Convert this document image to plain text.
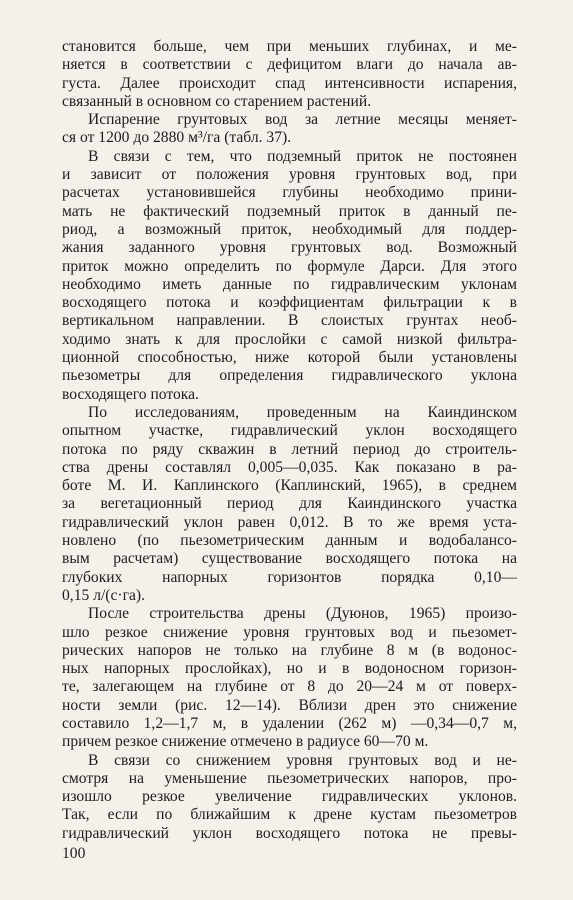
становится больше, чем при меньших глубинах, и ме-
няется в соответствии с дефицитом влаги до начала ав-
густа. Далее происходит спад интенсивности испарения,
связанный в основном со старением растений.
Испарение грунтовых вод за летние месяцы меняет-
ся от 1200 до 2880 м³/га (табл. 37).
В связи с тем, что подземный приток не постоянен
и зависит от положения уровня грунтовых вод, при
расчетах установившейся глубины необходимо прини-
мать не фактический подземный приток в данный пе-
риод, а возможный приток, необходимый для поддер-
жания заданного уровня грунтовых вод. Возможный
приток можно определить по формуле Дарси. Для этого
необходимо иметь данные по гидравлическим уклонам
восходящего потока и коэффициентам фильтрации к в
вертикальном направлении. В слоистых грунтах необ-
ходимо знать к для прослойки с самой низкой фильтра-
ционной способностью, ниже которой были установлены
пьезометры для определения гидравлического уклона
восходящего потока.
По исследованиям, проведенным на Каиндинском
опытном участке, гидравлический уклон восходящего
потока по ряду скважин в летний период до строитель-
ства дрены составлял 0,005—0,035. Как показано в ра-
боте М. И. Каплинского (Каплинский, 1965), в среднем
за вегетационный период для Каиндинского участка
гидравлический уклон равен 0,012. В то же время уста-
новлено (по пьезометрическим данным и водобалансо-
вым расчетам) существование восходящего потока на
глубоких напорных горизонтов порядка 0,10—
0,15 л/(с·га).
После строительства дрены (Дуюнов, 1965) произо-
шло резкое снижение уровня грунтовых вод и пьезомет-
рических напоров не только на глубине 8 м (в водонос-
ных напорных прослойках), но и в водоносном горизон-
те, залегающем на глубине от 8 до 20—24 м от поверх-
ности земли (рис. 12—14). Вблизи дрен это снижение
составило 1,2—1,7 м, в удалении (262 м) —0,34—0,7 м,
причем резкое снижение отмечено в радиусе 60—70 м.
В связи со снижением уровня грунтовых вод и не-
смотря на уменьшение пьезометрических напоров, про-
изошло резкое увеличение гидравлических уклонов.
Так, если по ближайшим к дрене кустам пьезометров
гидравлический уклон восходящего потока не превы-
100
